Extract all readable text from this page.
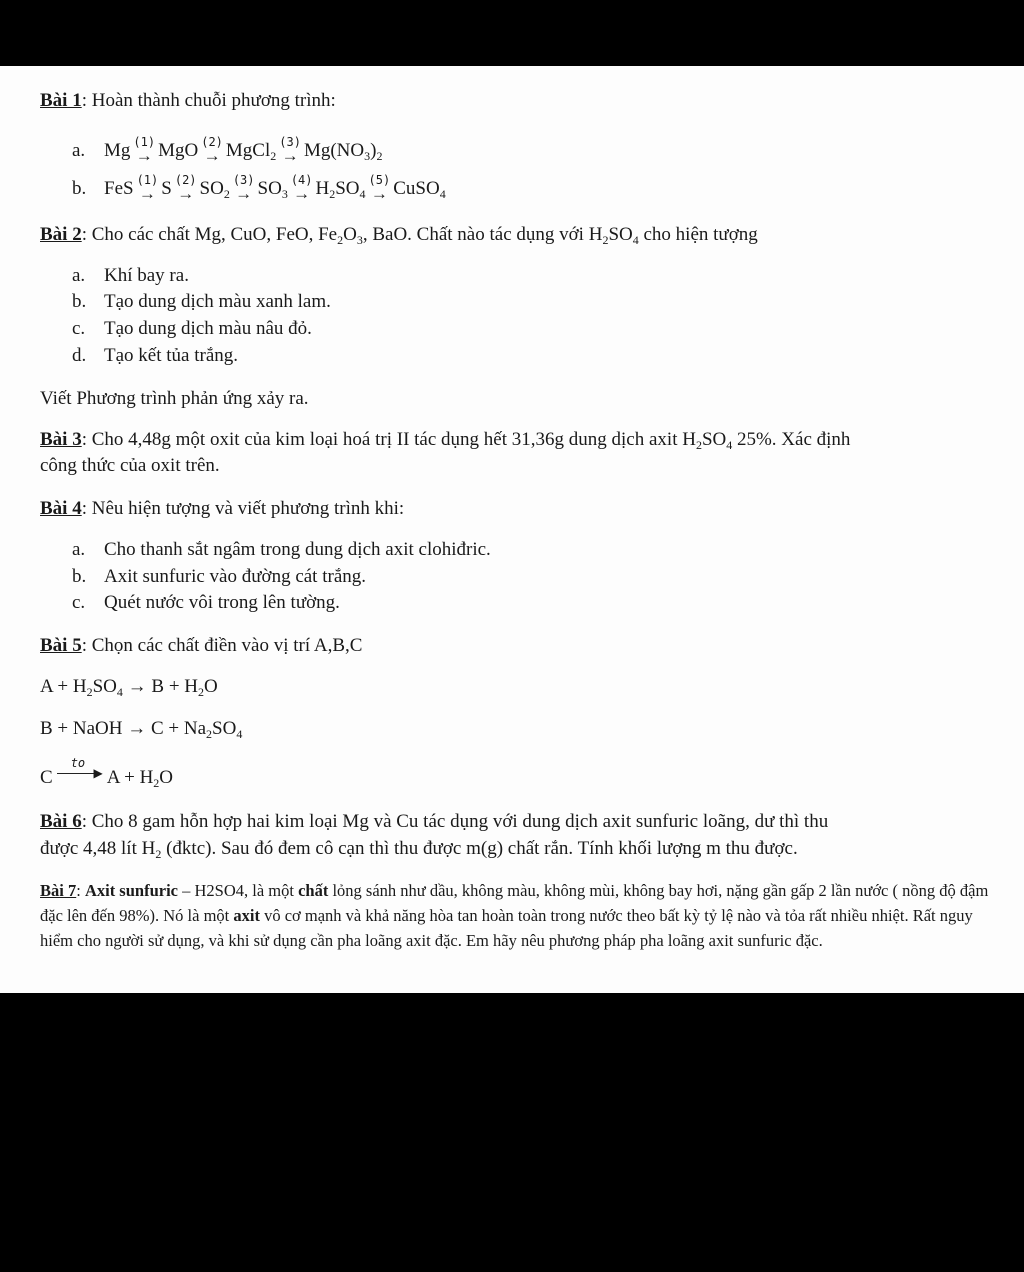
Bài 1: Hoàn thành chuỗi phương trình:
a. Mg (1)
→ MgO (2)
→ MgCl$_2$
(3)
→ $Mg(NO_3)_2$
b. FeS (1)
→ S (2)
→ $SO_2$
(3)
→ $SO_3$
(4)
→ $H_2SO_4$
(5)
→ CuSO$_4$
Bài 2: Cho các chất Mg, CuO, FeO, $Fe_2O_3$, BaO. Chất nào tác dụng với $H_2SO_4$ cho hiện tượng
a. Khí bay ra.
b. Tạo dung dịch màu xanh lam.
c. Tạo dung dịch màu nâu đỏ.
d. Tạo kết tủa trắng.
Viết Phương trình phản ứng xảy ra.
Bài 3: Cho 4,48g một oxit của kim loại hoá trị II tác dụng hết 31,36g dung dịch axit $H_2SO_4$ 25%. Xác định
công thức của oxit trên.
Bài 4: Nêu hiện tượng và viết phương trình khi:
a. Cho thanh sắt ngâm trong dung dịch axit clohiđric.
b. Axit sunfuric vào đường cát trắng.
c. Quét nước vôi trong lên tường.
Bài 5: Chọn các chất điền vào vị trí A,B,C
$A + H_2SO_4 \to B + H_2O$
B + NaOH → $C + Na_2SO_4$
C
to
▶ $A + H_2O$
Bài 6: Cho 8 gam hỗn hợp hai kim loại Mg và Cu tác dụng với dung dịch axit sunfuric loãng, dư thì thu
được 4,48 lít $H_2$ (đktc). Sau đó đem cô cạn thì thu được m(g) chất rắn. Tính khối lượng m thu được.
Bài 7: Axit sunfuric – H2SO4, là một chất lỏng sánh như dầu, không màu, không mùi, không bay hơi, nặng gần gấp 2 lần nước ( nồng độ đậm đặc lên đến 98%). Nó là một axit vô cơ mạnh và khả năng hòa tan hoàn toàn trong nước theo bất kỳ tỷ lệ nào và tỏa rất nhiều nhiệt. Rất nguy hiểm cho người sử dụng, và khi sử dụng cần pha loãng axit đặc. Em hãy nêu phương pháp pha loãng axit sunfuric đặc.
